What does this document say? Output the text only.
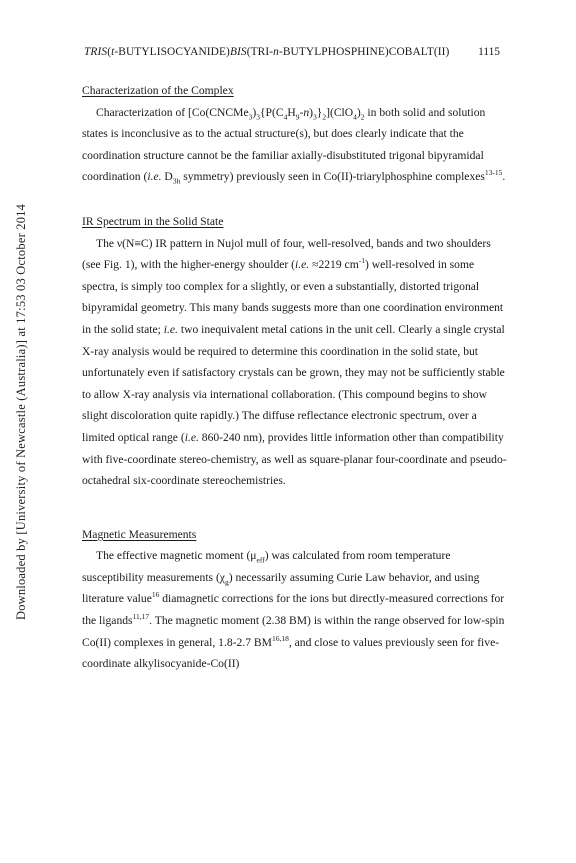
Downloaded by [University of Newcastle (Australia)] at 17:53 03 October 2014
TRIS(t-BUTYLISOCYANIDE)BIS(TRI-n-BUTYLPHOSPHINE)COBALT(II)	1115

Characterization of the Complex

Characterization of $[Co(CNCMe_3)_3\{P(C_4H_9-n)_3\}_2](ClO_4)_2$ in both solid and solution states is inconclusive as to the actual structure(s), but does clearly indicate that the coordination structure cannot be the familiar axially-disubstituted trigonal bipyramidal coordination (i.e. $D_{3h}$ symmetry) previously seen in Co(II)-triarylphosphine complexes$^{13-15}$.

IR Spectrum in the Solid State

The ν(N≡C) IR pattern in Nujol mull of four, well-resolved, bands and two shoulders (see Fig. 1), with the higher-energy shoulder (i.e. ≈2219 $cm^{-1}$) well-resolved in some spectra, is simply too complex for a slightly, or even a substantially, distorted trigonal bipyramidal geometry. This many bands suggests more than one coordination environment in the solid state; i.e. two inequivalent metal cations in the unit cell. Clearly a single crystal X-ray analysis would be required to determine this coordination in the solid state, but unfortunately even if satisfactory crystals can be grown, they may not be sufficiently stable to allow X-ray analysis via international collaboration. (This compound begins to show slight discoloration quite rapidly.) The diffuse reflectance electronic spectrum, over a limited optical range (i.e. 860-240 nm), provides little information other than compatibility with five-coordinate stereo-chemistry, as well as square-planar four-coordinate and pseudo-octahedral six-coordinate stereochemistries.

Magnetic Measurements

The effective magnetic moment $(\mu_{eff})$ was calculated from room temperature susceptibility measurements $(\chi_g)$ necessarily assuming Curie Law behavior, and using literature value$^{16}$ diamagnetic corrections for the ions but directly-measured corrections for the ligands$^{11,17}$. The magnetic moment (2.38 BM) is within the range observed for low-spin Co(II) complexes in general, 1.8-2.7 BM$^{16,18}$, and close to values previously seen for five-coordinate alkylisocyanide-Co(II)
